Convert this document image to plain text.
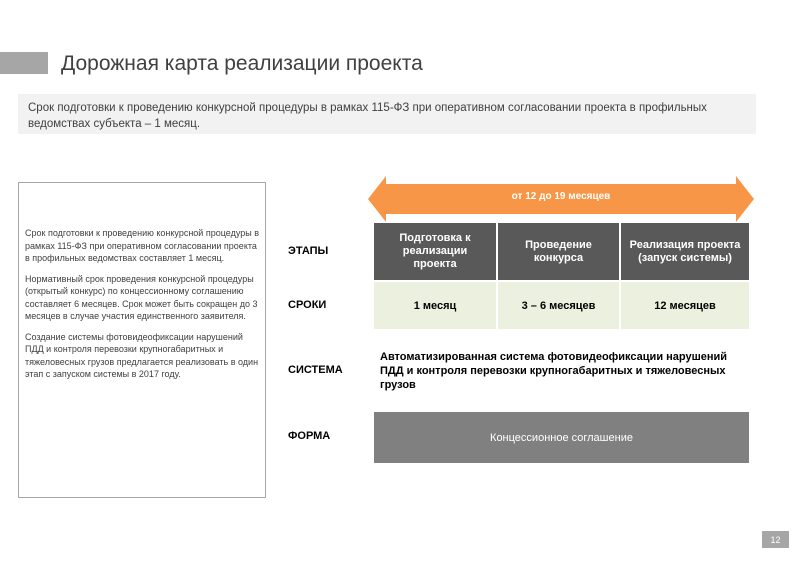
Дорожная карта реализации проекта
Срок подготовки к проведению конкурсной процедуры в рамках 115-ФЗ при оперативном согласовании проекта в профильных ведомствах субъекта – 1 месяц.

Срок подготовки к проведению конкурсной процедуры в рамках 115-ФЗ при оперативном согласовании проекта в профильных ведомствах составляет 1 месяц.

Нормативный срок проведения конкурсной процедуры (открытый конкурс) по концессионному соглашению составляет 6 месяцев. Срок может быть сокращен до 3 месяцев в случае участия единственного заявителя.

Создание системы фотовидеофиксации нарушений ПДД и контроля перевозки крупногабаритных и тяжеловесных грузов предлагается реализовать в один этап с запуском системы в 2017 году.

от 12 до 19 месяцев
ЭТАПЫ
СРОКИ
СИСТЕМА
ФОРМА
Подготовка к реализации проекта
Проведение конкурса
Реализация проекта (запуск системы)
1 месяц	3 – 6 месяцев	12 месяцев
Автоматизированная система фотовидеофиксации нарушений ПДД и контроля перевозки крупногабаритных и тяжеловесных грузов
Концессионное соглашение
12
